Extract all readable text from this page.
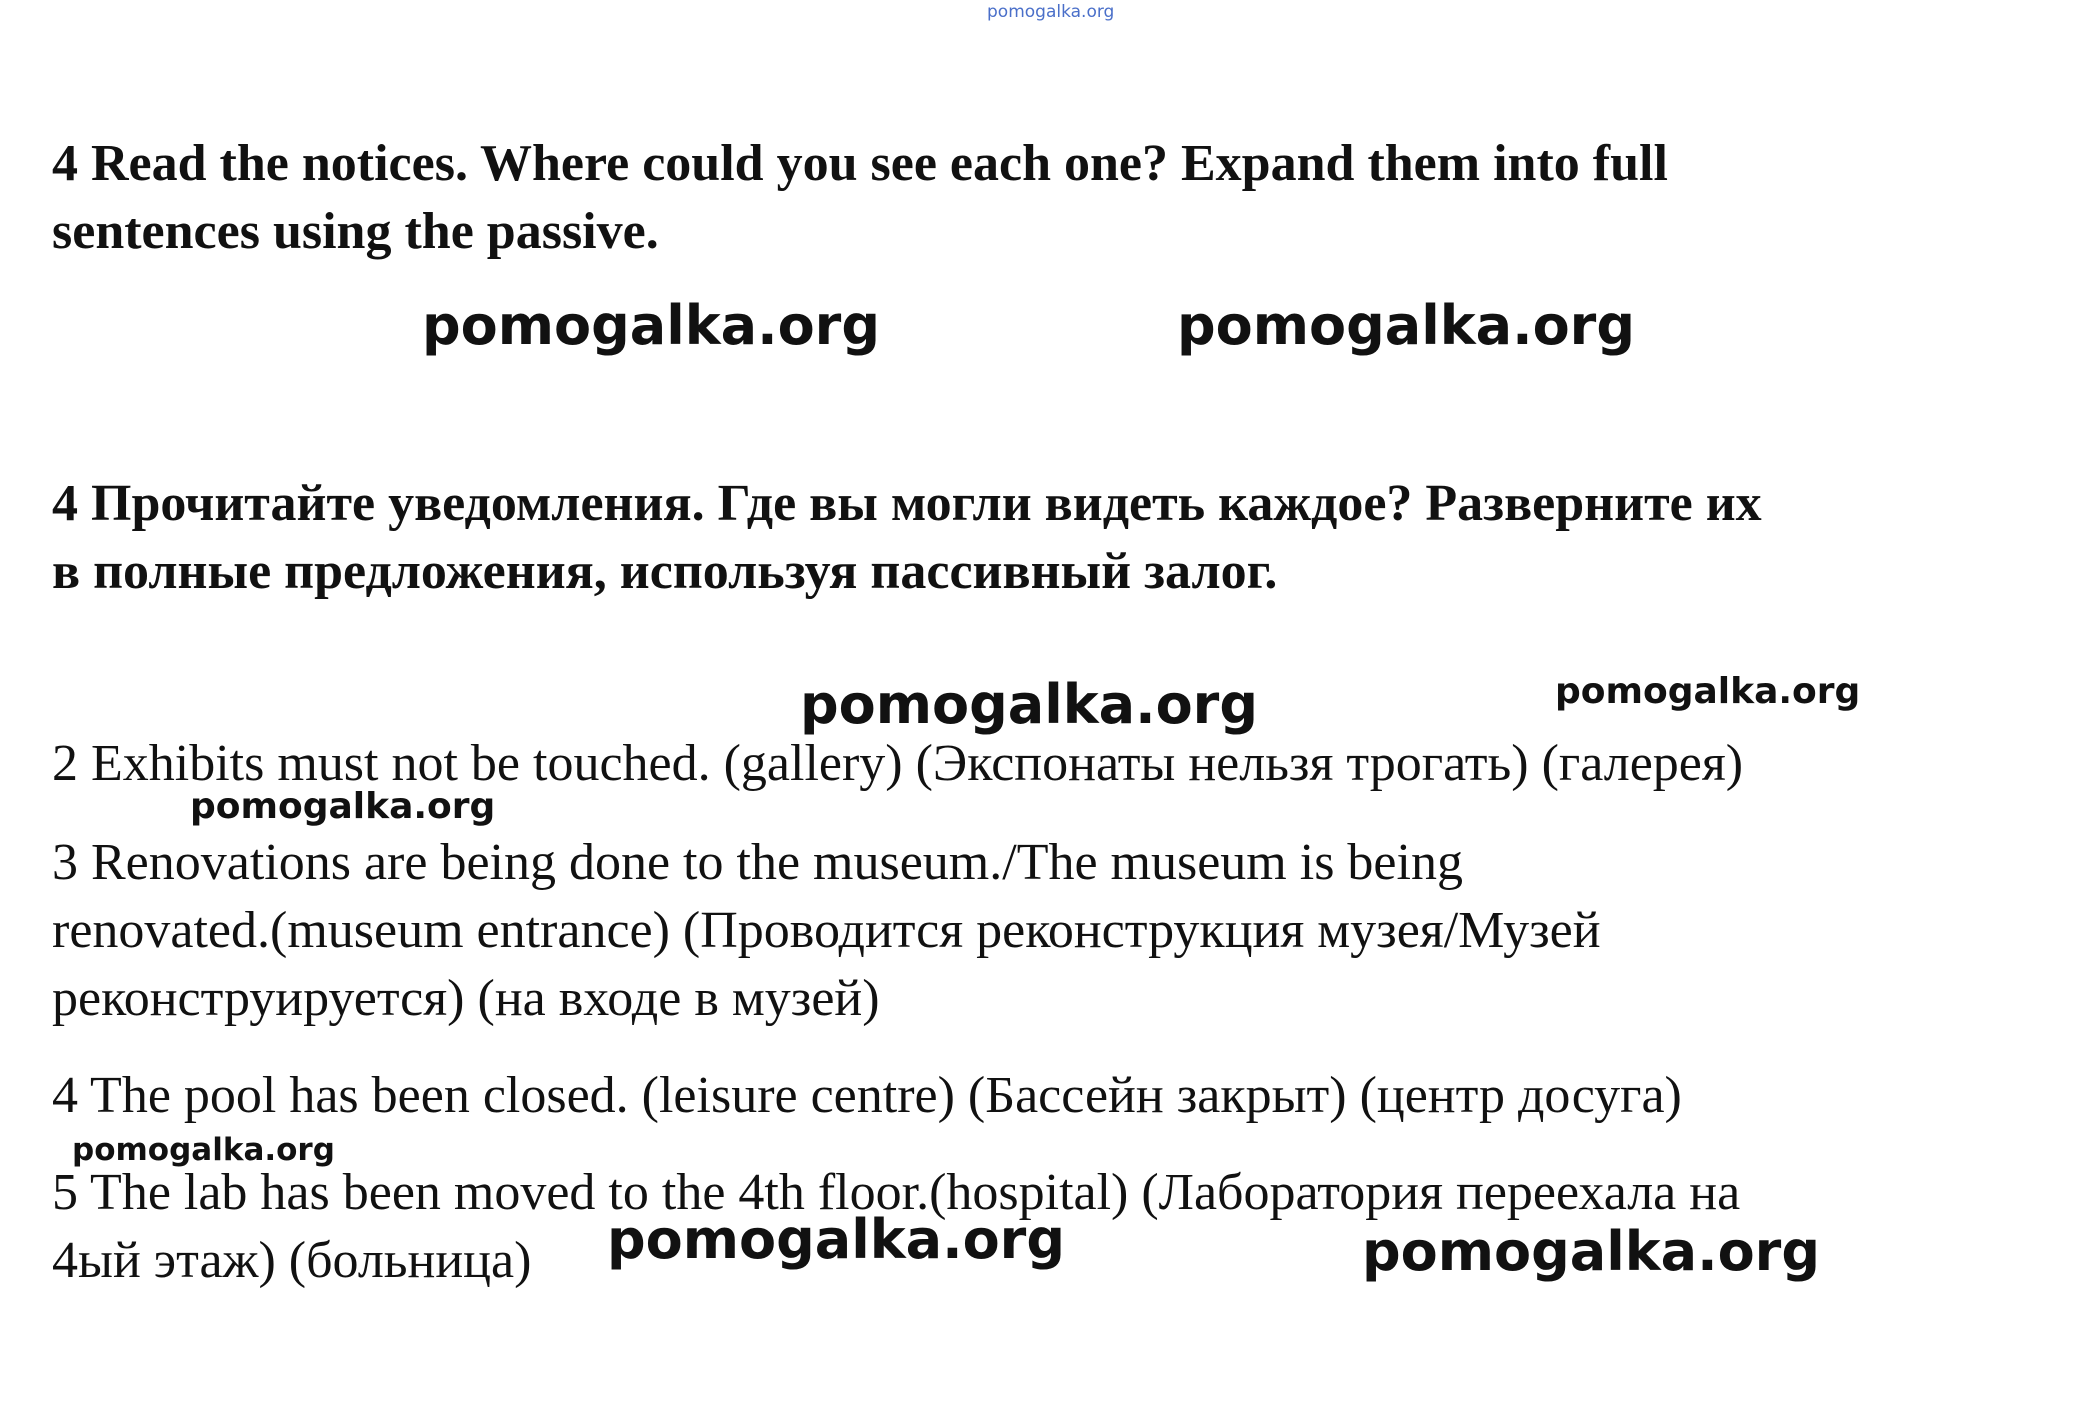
pomogalka.org

4 Read the notices. Where could you see each one? Expand them into full
sentences using the passive.

pomogalka.org	pomogalka.org

4 Прочитайте уведомления. Где вы могли видеть каждое? Разверните их
в полные предложения, используя пассивный залог.

pomogalka.org	pomogalka.org

2 Exhibits must not be touched. (gallery) (Экспонаты нельзя трогать) (галерея)

pomogalka.org

3 Renovations are being done to the museum./The museum is being

renovated.(museum entrance) (Проводится реконструкция музея/Музей

реконструируется) (на входе в музей)

4 The pool has been closed. (leisure centre) (Бассейн закрыт) (центр досуга)

pomogalka.org

5 The lab has been moved to the 4th floor.(hospital) (Лаборатория переехала на

4ый этаж) (больница) pomogalka.org	pomogalka.org
